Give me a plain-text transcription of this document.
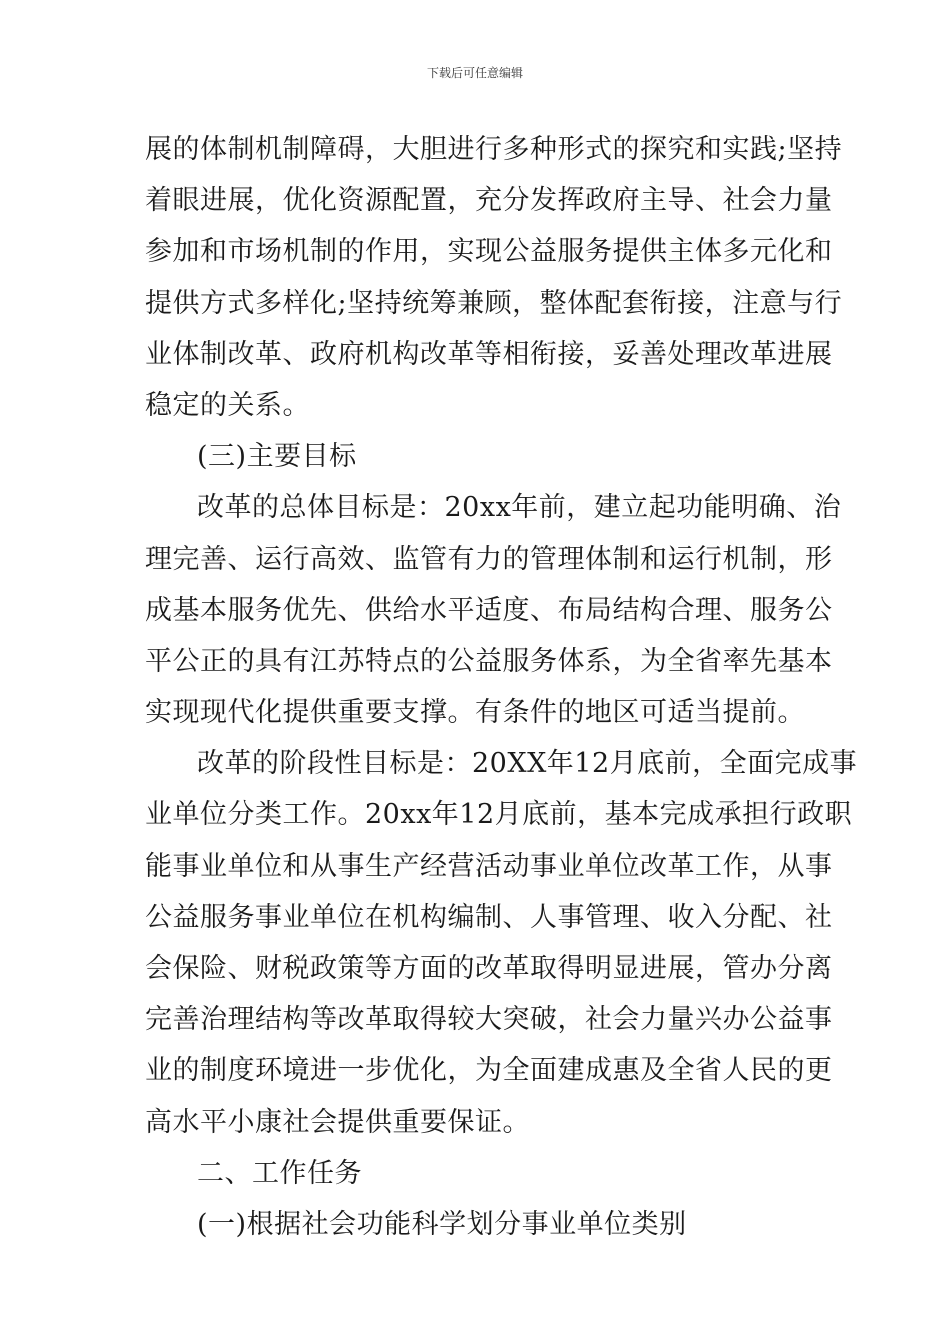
下载后可任意编辑
展的体制机制障碍，大胆进行多种形式的探究和实践;坚持
着眼进展，优化资源配置，充分发挥政府主导、社会力量
参加和市场机制的作用，实现公益服务提供主体多元化和
提供方式多样化;坚持统筹兼顾，整体配套衔接，注意与行
业体制改革、政府机构改革等相衔接，妥善处理改革进展
稳定的关系。
(三)主要目标
改革的总体目标是：20xx年前，建立起功能明确、治
理完善、运行高效、监管有力的管理体制和运行机制，形
成基本服务优先、供给水平适度、布局结构合理、服务公
平公正的具有江苏特点的公益服务体系，为全省率先基本
实现现代化提供重要支撑。有条件的地区可适当提前。
改革的阶段性目标是：20XX年12月底前，全面完成事
业单位分类工作。20xx年12月底前，基本完成承担行政职
能事业单位和从事生产经营活动事业单位改革工作，从事
公益服务事业单位在机构编制、人事管理、收入分配、社
会保险、财税政策等方面的改革取得明显进展，管办分离
完善治理结构等改革取得较大突破，社会力量兴办公益事
业的制度环境进一步优化，为全面建成惠及全省人民的更
高水平小康社会提供重要保证。
二、工作任务
(一)根据社会功能科学划分事业单位类别
